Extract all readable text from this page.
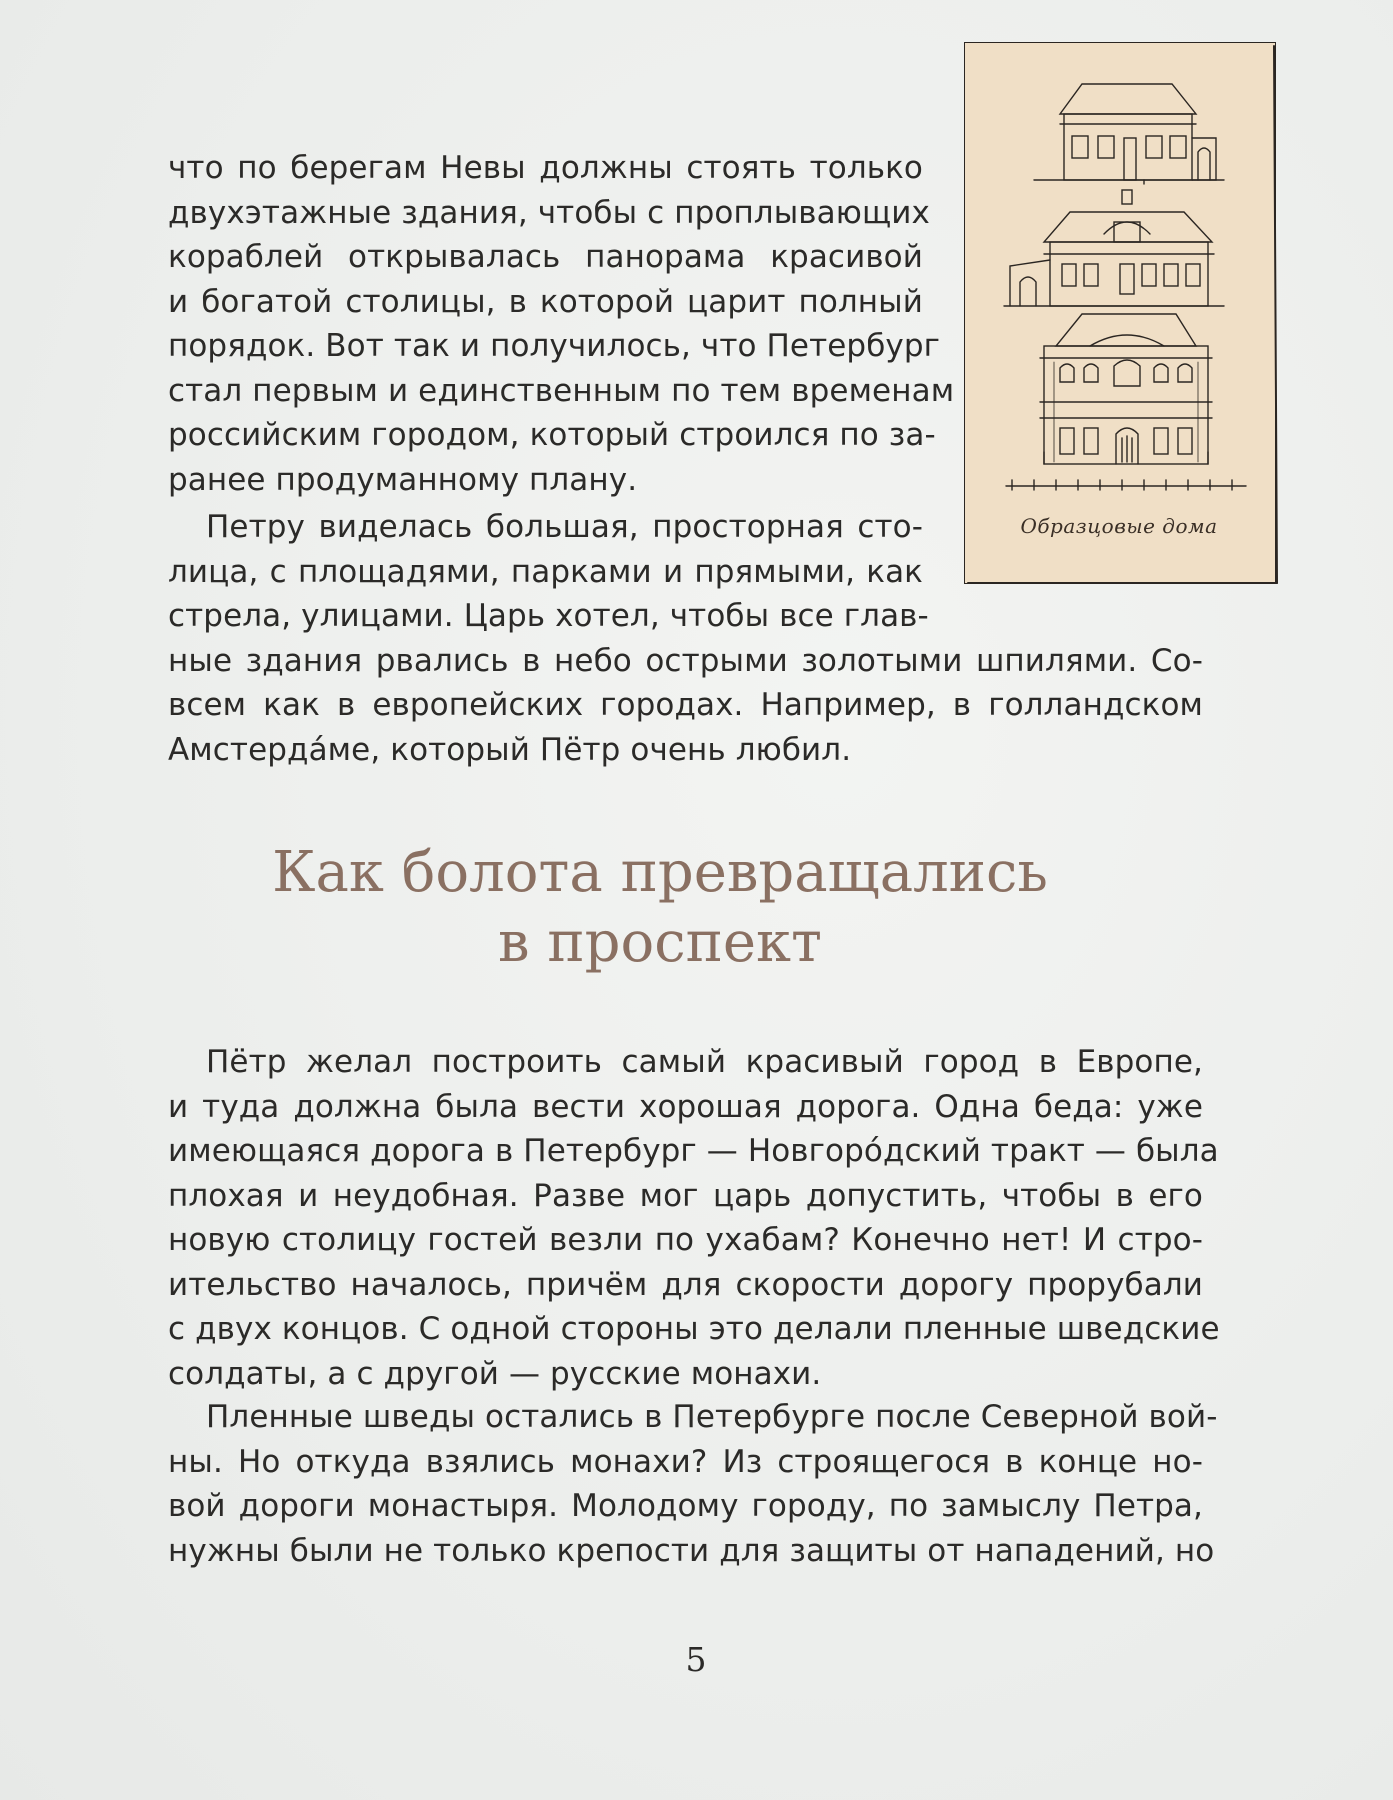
что по берегам Невы должны стоять только
двухэтажные здания, чтобы с проплывающих
кораблей открывалась панорама красивой
и богатой столицы, в которой царит полный
порядок. Вот так и получилось, что Петербург
стал первым и единственным по тем временам
российским городом, который строился по за-
ранее продуманному плану.

Петру виделась большая, просторная сто-
лица, с площадями, парками и прямыми, как
стрела, улицами. Царь хотел, чтобы все глав-
ные здания рвались в небо острыми золотыми шпилями. Со-
всем как в европейских городах. Например, в голландском
Амстердáме, который Пётр очень любил.

Как болота превращались
в проспект

Пётр желал построить самый красивый город в Европе,
и туда должна была вести хорошая дорога. Одна беда: уже
имеющаяся дорога в Петербург — Новгорóдский тракт — была
плохая и неудобная. Разве мог царь допустить, чтобы в его
новую столицу гостей везли по ухабам? Конечно нет! И стро-
ительство началось, причём для скорости дорогу прорубали
с двух концов. С одной стороны это делали пленные шведские
солдаты, а с другой — русские монахи.

Пленные шведы остались в Петербурге после Северной вой-
ны. Но откуда взялись монахи? Из строящегося в конце но-
вой дороги монастыря. Молодому городу, по замыслу Петра,
нужны были не только крепости для защиты от нападений, но

Образцовые дома
5
